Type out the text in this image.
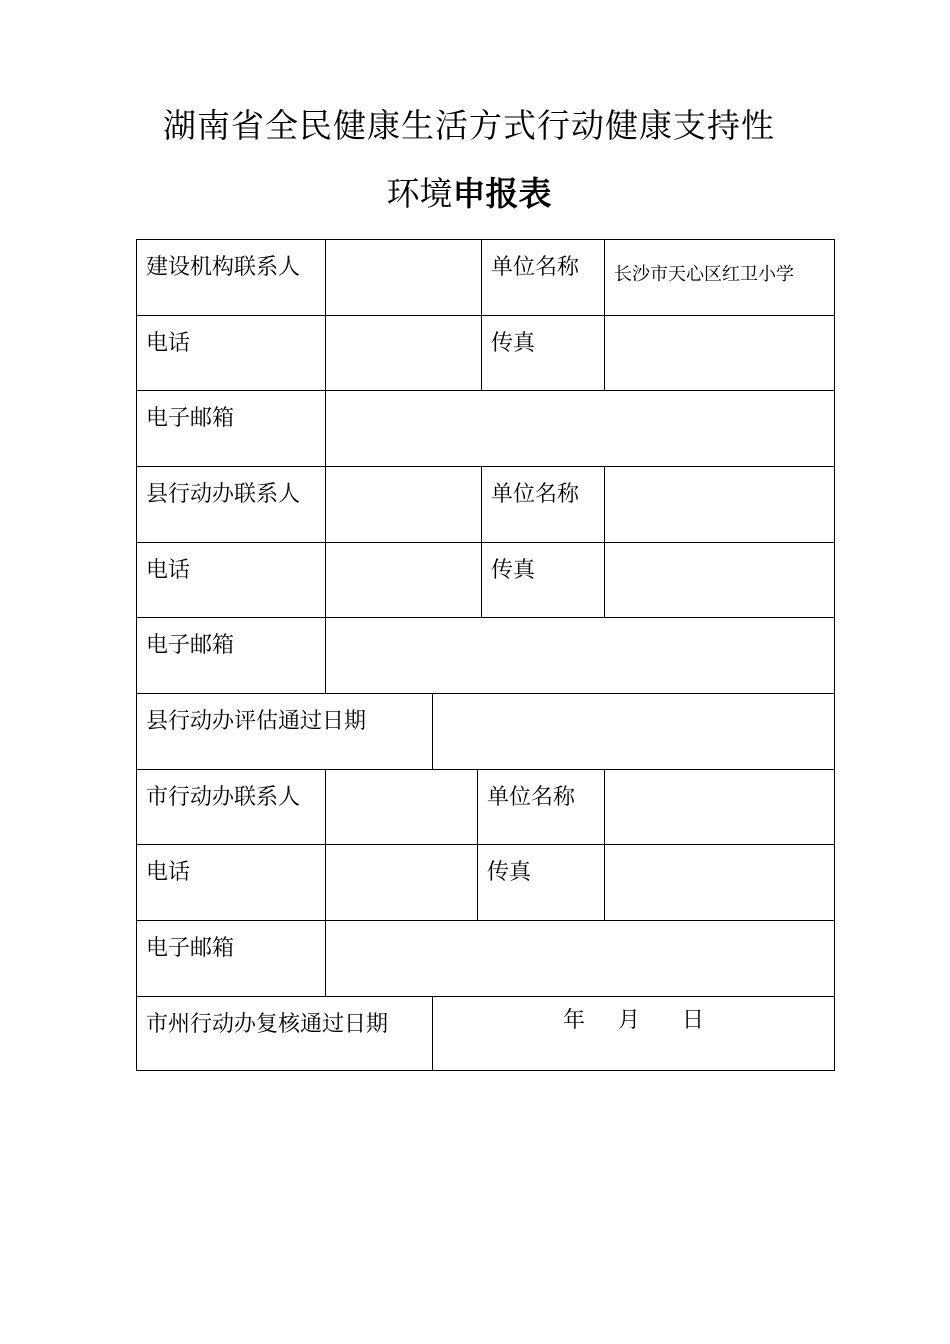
湖南省全民健康生活方式行动健康支持性
环境申报表
建设机构联系人	单位名称	长沙市天心区红卫小学
电话	传真
电子邮箱
县行动办联系人	单位名称
电话	传真
电子邮箱
县行动办评估通过日期
市行动办联系人	单位名称
电话	传真
电子邮箱
市州行动办复核通过日期	年 月 日
